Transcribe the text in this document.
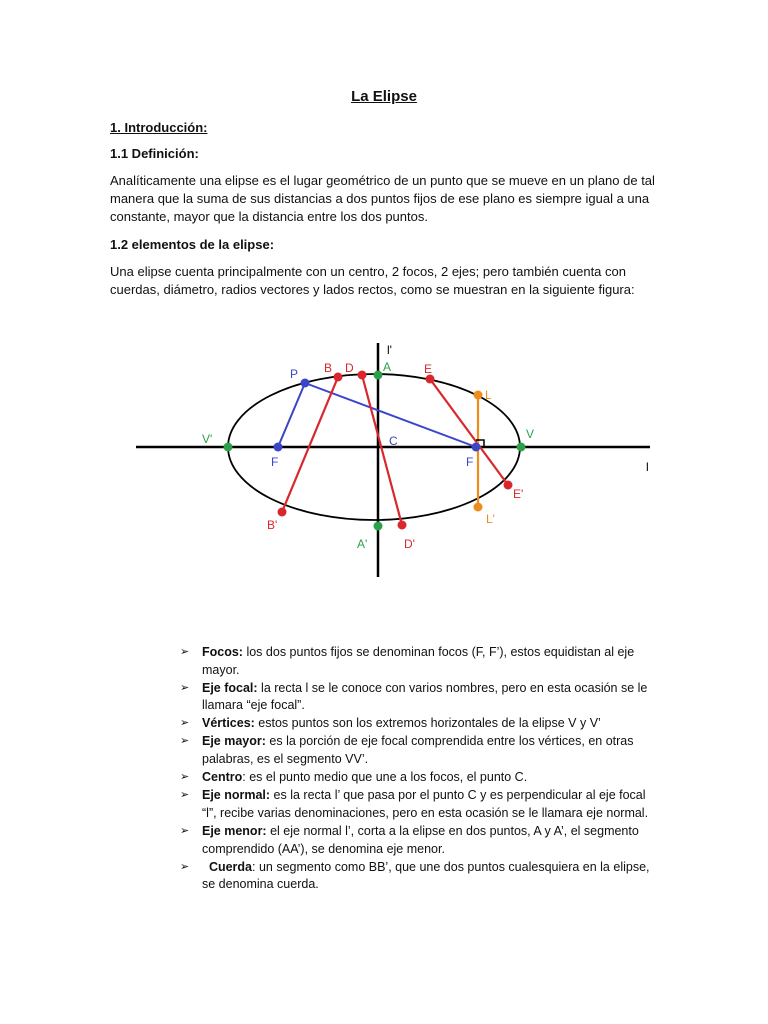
La Elipse
1. Introducción:
1.1 Definición:
Analíticamente una elipse es el lugar geométrico de un punto que se mueve en un plano de tal manera que la suma de sus distancias a dos puntos fijos de ese plano es siempre igual a una constante, mayor que la distancia entre los dos puntos.
1.2 elementos de la elipse:
Una elipse cuenta principalmente con un centro, 2 focos, 2 ejes; pero también cuenta con cuerdas, diámetro, radios vectores y lados rectos, como se muestran en la siguiente figura:
l'
l
P B D A	E
L
V
V'
F
C
F
E'
L'
B'
A'	D'
➢ Focos: los dos puntos fijos se denominan focos (F, F’), estos equidistan al eje mayor.
➢ Eje focal: la recta l se le conoce con varios nombres, pero en esta ocasión se le llamara “eje focal”.
➢ Vértices: estos puntos son los extremos horizontales de la elipse V y V’
➢ Eje mayor: es la porción de eje focal comprendida entre los vértices, en otras palabras, es el segmento VV’.
➢ Centro: es el punto medio que une a los focos, el punto C.
➢ Eje normal: es la recta l’ que pasa por el punto C y es perpendicular al eje focal “l”, recibe varias denominaciones, pero en esta ocasión se le llamara eje normal.
➢ Eje menor: el eje normal l’, corta a la elipse en dos puntos, A y A’, el segmento comprendido (AA’), se denomina eje menor.
➢ Cuerda: un segmento como BB’, que une dos puntos cualesquiera en la elipse, se denomina cuerda.
